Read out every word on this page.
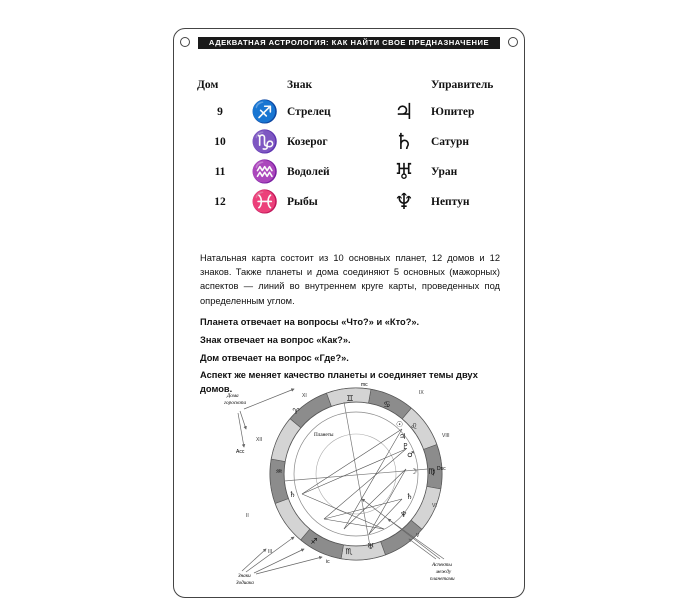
АДЕКВАТНАЯ АСТРОЛОГИЯ: КАК НАЙТИ СВОЕ ПРЕДНАЗНАЧЕНИЕ
Дом		Знак		Управитель
9	♐	Стрелец	♃	Юпитер
10	♑	Козерог	♄	Сатурн
11	♒	Водолей	♅	Уран
12	♓	Рыбы	♆	Нептун
Натальная карта состоит из 10 основных планет, 12 домов и 12 знаков. Также планеты и дома соединяют 5 основных (мажорных) аспектов — линий во внутреннем круге карты, проведенных под определенным углом.
Планета отвечает на вопросы «Что?» и «Кто?».
Знак отвечает на вопрос «Как?».
Дом отвечает на вопрос «Где?».
Аспект же меняет качество планеты и соединяет темы двух домов.
☉
♃
♇
♂
☽
♄
♆
♄
♅
♊
♋
♌
♍
♈
♒
♐
♏
XI
XII
II
III
IX
VIII
VI
V
mc
ic
Асс
Dsc
Планеты
Дома
гороскопа
Знаки
Зодиака
Аспекты
между
планетами
